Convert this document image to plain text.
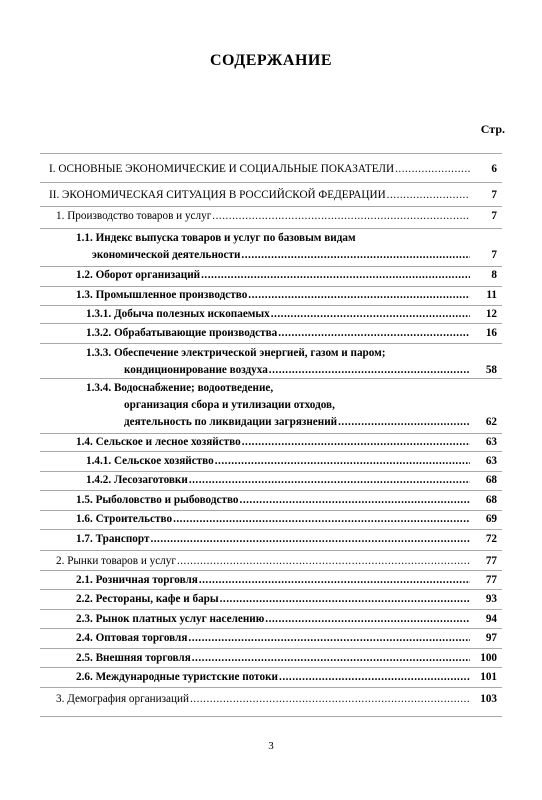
СОДЕРЖАНИЕ
Стр.
I. ОСНОВНЫЕ ЭКОНОМИЧЕСКИЕ И СОЦИАЛЬНЫЕ ПОКАЗАТЕЛИ .....	6
II. ЭКОНОМИЧЕСКАЯ СИТУАЦИЯ В РОССИЙСКОЙ ФЕДЕРАЦИИ .....	7
1. Производство товаров и услуг .....	7
1.1. Индекс выпуска товаров и услуг по базовым видам
экономической деятельности .....	7
1.2. Оборот организаций .....	8
1.3. Промышленное производство .....	11
1.3.1. Добыча полезных ископаемых .....	12
1.3.2. Обрабатывающие производства .....	16
1.3.3. Обеспечение электрической энергией, газом и паром;
кондиционирование воздуха .....	58
1.3.4. Водоснабжение; водоотведение,
организация сбора и утилизации отходов,
деятельность по ликвидации загрязнений .....	62
1.4. Сельское и лесное хозяйство .....	63
1.4.1. Сельское хозяйство .....	63
1.4.2. Лесозаготовки .....	68
1.5. Рыболовство и рыбоводство .....	68
1.6. Строительство .....	69
1.7. Транспорт .....	72
2. Рынки товаров и услуг .....	77
2.1. Розничная торговля .....	77
2.2. Рестораны, кафе и бары .....	93
2.3. Рынок платных услуг населению .....	94
2.4. Оптовая торговля .....	97
2.5. Внешняя торговля .....	100
2.6. Международные туристские потоки .....	101
3. Демография организаций .....	103
3
